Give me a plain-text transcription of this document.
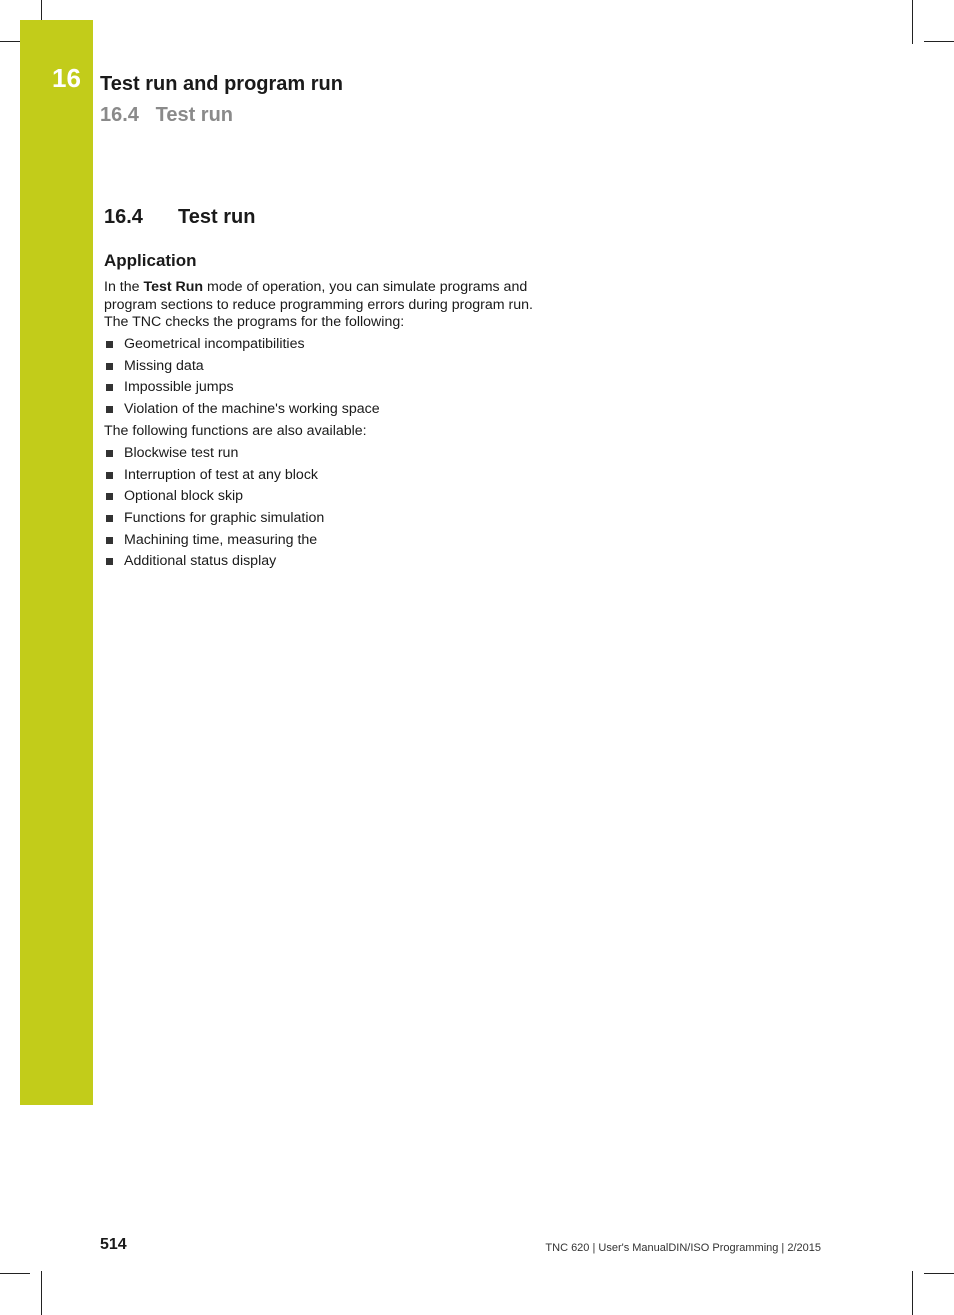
16 Test run and program run
16.4 Test run
16.4 Test run
Application

In the Test Run mode of operation, you can simulate programs and program sections to reduce programming errors during program run. The TNC checks the programs for the following:

Geometrical incompatibilities
Missing data
Impossible jumps
Violation of the machine's working space

The following functions are also available:

Blockwise test run
Interruption of test at any block
Optional block skip
Functions for graphic simulation
Machining time, measuring the
Additional status display
514	TNC 620 | User's ManualDIN/ISO Programming | 2/2015
